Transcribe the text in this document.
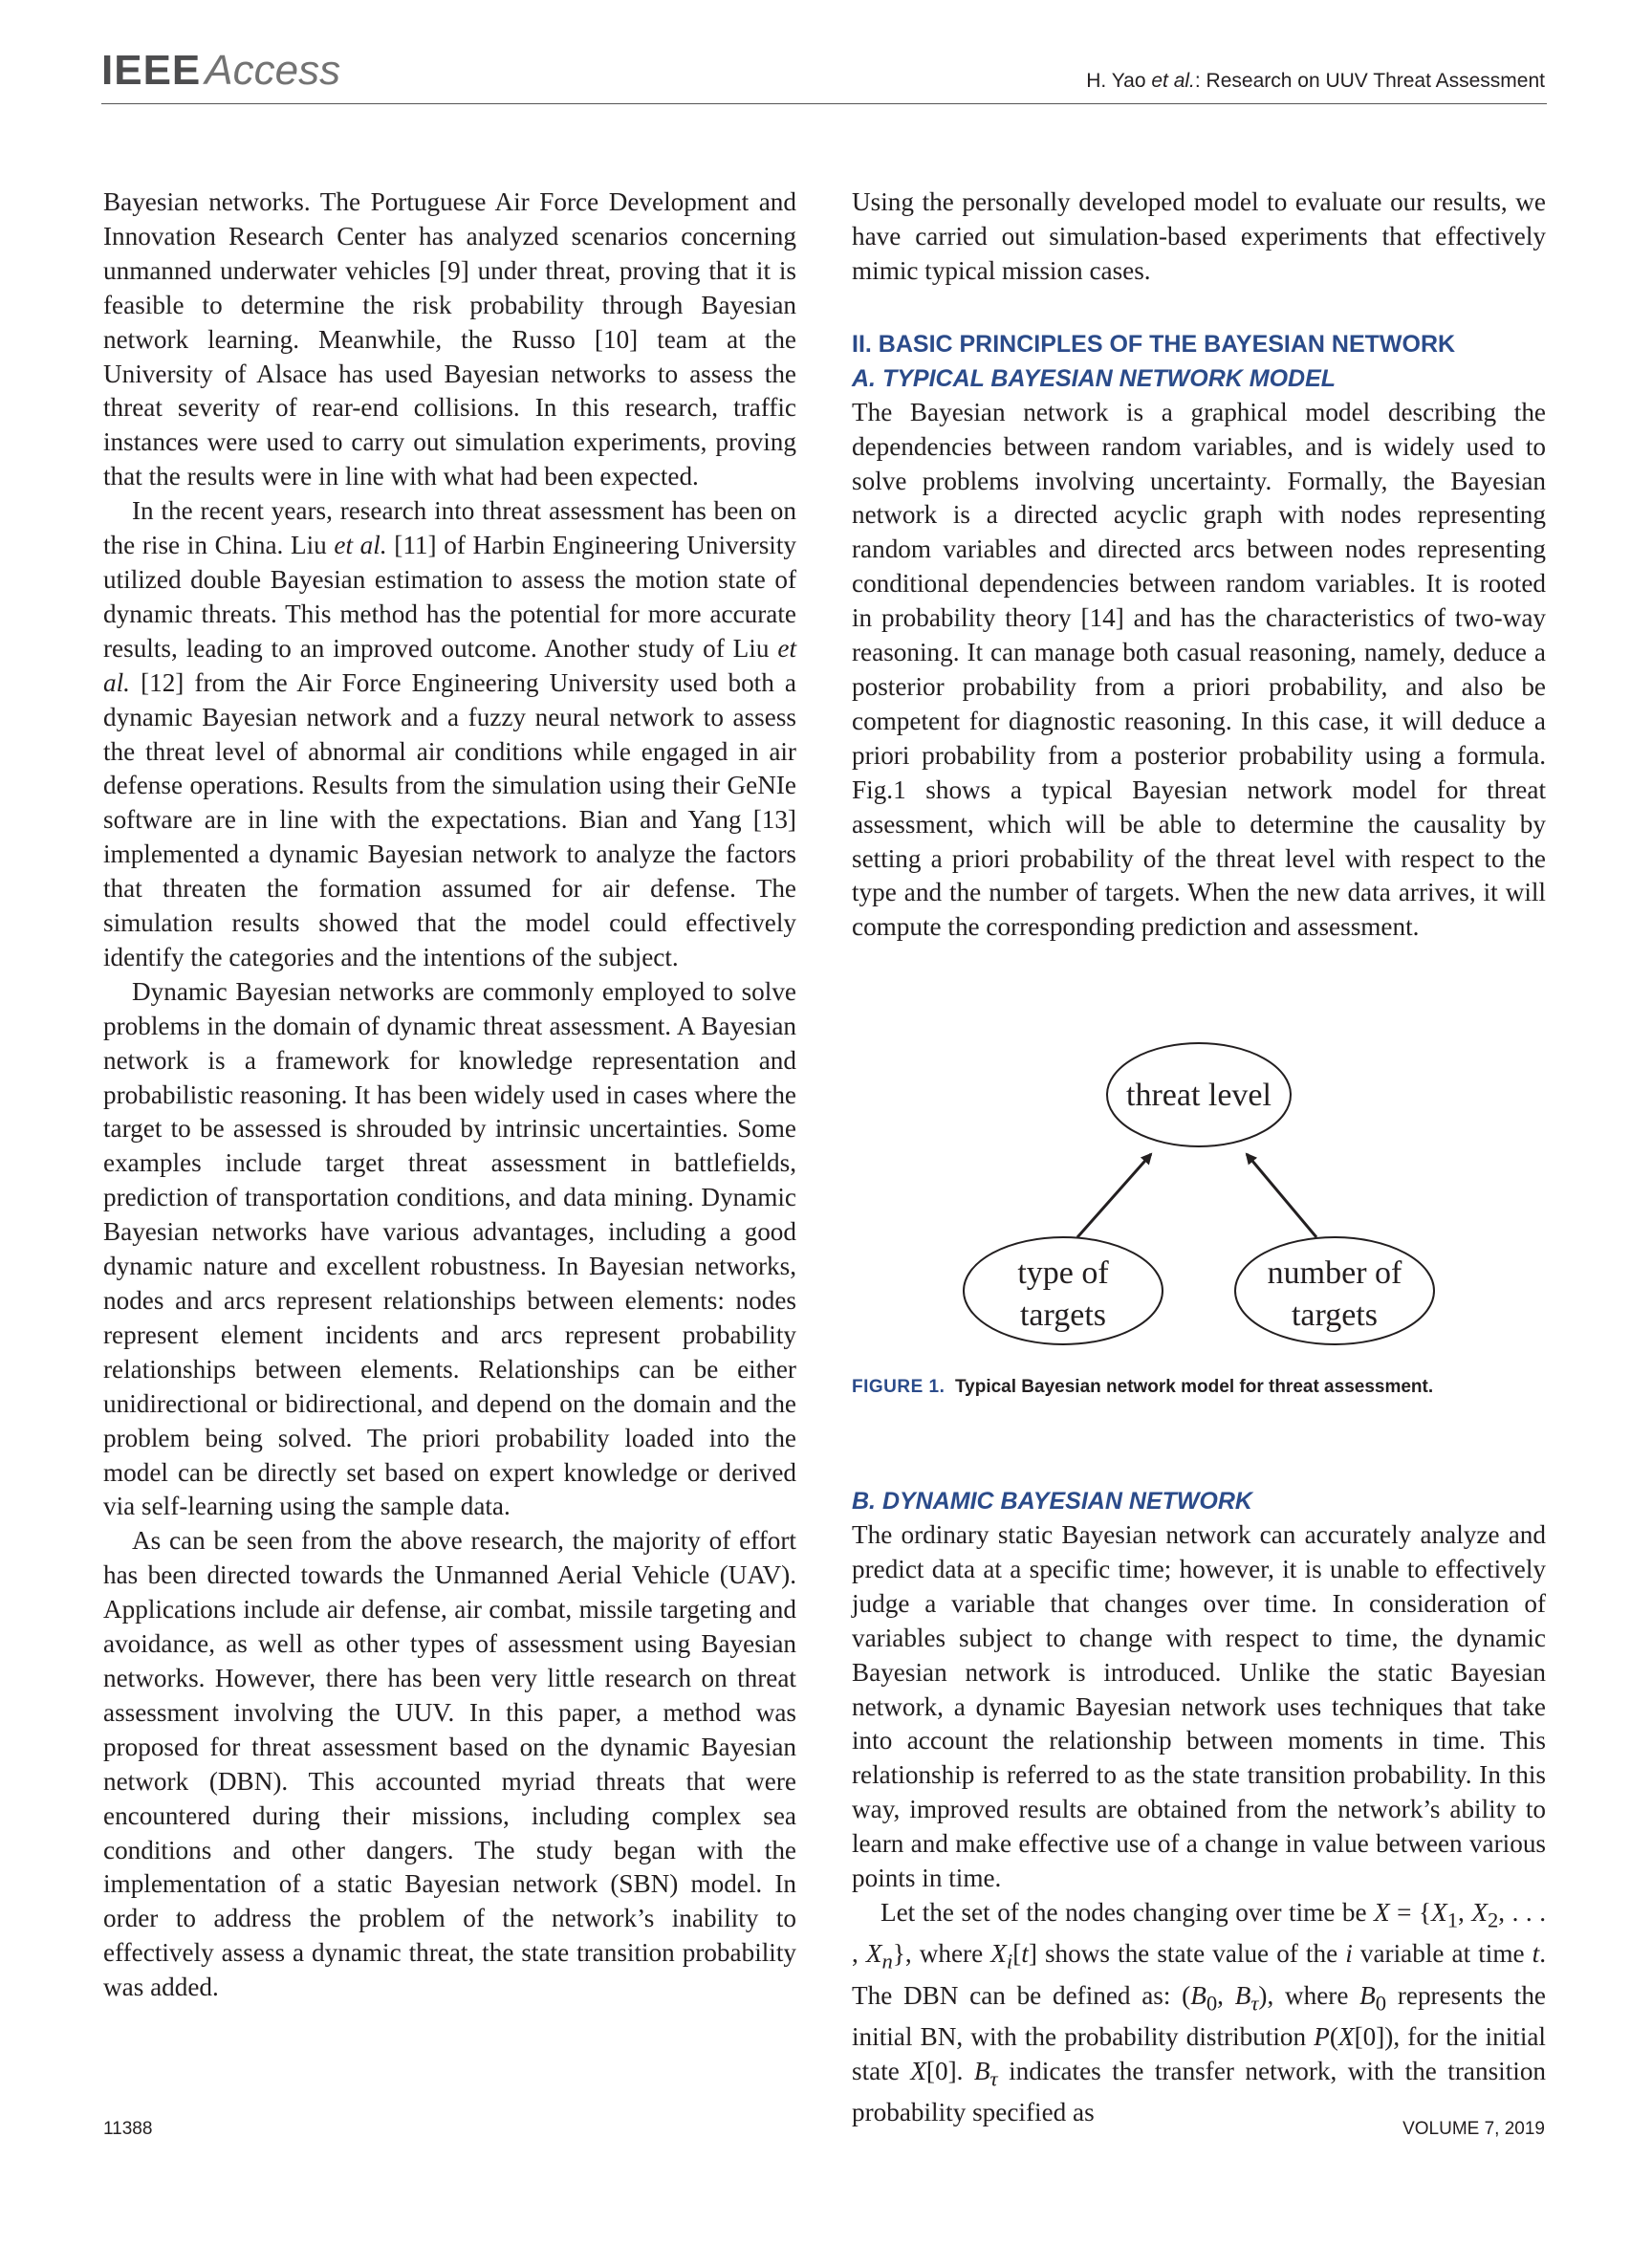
IEEEAccess	H. Yao et al.: Research on UUV Threat Assessment

Bayesian networks. The Portuguese Air Force Development and Innovation Research Center has analyzed scenarios concerning unmanned underwater vehicles [9] under threat, proving that it is feasible to determine the risk probability through Bayesian network learning. Meanwhile, the Russo [10] team at the University of Alsace has used Bayesian networks to assess the threat severity of rear-end collisions. In this research, traffic instances were used to carry out simulation experiments, proving that the results were in line with what had been expected.

In the recent years, research into threat assessment has been on the rise in China. Liu et al. [11] of Harbin Engineering University utilized double Bayesian estimation to assess the motion state of dynamic threats. This method has the potential for more accurate results, leading to an improved outcome. Another study of Liu et al. [12] from the Air Force Engineering University used both a dynamic Bayesian network and a fuzzy neural network to assess the threat level of abnormal air conditions while engaged in air defense operations. Results from the simulation using their GeNIe software are in line with the expectations. Bian and Yang [13] implemented a dynamic Bayesian network to analyze the factors that threaten the formation assumed for air defense. The simulation results showed that the model could effectively identify the categories and the intentions of the subject.

Dynamic Bayesian networks are commonly employed to solve problems in the domain of dynamic threat assessment. A Bayesian network is a framework for knowledge representation and probabilistic reasoning. It has been widely used in cases where the target to be assessed is shrouded by intrinsic uncertainties. Some examples include target threat assessment in battlefields, prediction of transportation conditions, and data mining. Dynamic Bayesian networks have various advantages, including a good dynamic nature and excellent robustness. In Bayesian networks, nodes and arcs represent relationships between elements: nodes represent element incidents and arcs represent probability relationships between elements. Relationships can be either unidirectional or bidirectional, and depend on the domain and the problem being solved. The priori probability loaded into the model can be directly set based on expert knowledge or derived via self-learning using the sample data.

As can be seen from the above research, the majority of effort has been directed towards the Unmanned Aerial Vehicle (UAV). Applications include air defense, air combat, missile targeting and avoidance, as well as other types of assessment using Bayesian networks. However, there has been very little research on threat assessment involving the UUV. In this paper, a method was proposed for threat assessment based on the dynamic Bayesian network (DBN). This accounted myriad threats that were encountered during their missions, including complex sea conditions and other dangers. The study began with the implementation of a static Bayesian network (SBN) model. In order to address the problem of the network’s inability to effectively assess a dynamic threat, the state transition probability was added.

Using the personally developed model to evaluate our results, we have carried out simulation-based experiments that effectively mimic typical mission cases.

II. BASIC PRINCIPLES OF THE BAYESIAN NETWORK
A. TYPICAL BAYESIAN NETWORK MODEL

The Bayesian network is a graphical model describing the dependencies between random variables, and is widely used to solve problems involving uncertainty. Formally, the Bayesian network is a directed acyclic graph with nodes representing random variables and directed arcs between nodes representing conditional dependencies between random variables. It is rooted in probability theory [14] and has the characteristics of two-way reasoning. It can manage both casual reasoning, namely, deduce a posterior probability from a priori probability, and also be competent for diagnostic reasoning. In this case, it will deduce a priori probability from a posterior probability using a formula. Fig.1 shows a typical Bayesian network model for threat assessment, which will be able to determine the causality by setting a priori probability of the threat level with respect to the type and the number of targets. When the new data arrives, it will compute the corresponding prediction and assessment.

threat level
type of
targets
number of
targets
FIGURE 1. Typical Bayesian network model for threat assessment.
B. DYNAMIC BAYESIAN NETWORK

The ordinary static Bayesian network can accurately analyze and predict data at a specific time; however, it is unable to effectively judge a variable that changes over time. In consideration of variables subject to change with respect to time, the dynamic Bayesian network is introduced. Unlike the static Bayesian network, a dynamic Bayesian network uses techniques that take into account the relationship between moments in time. This relationship is referred to as the state transition probability. In this way, improved results are obtained from the network’s ability to learn and make effective use of a change in value between various points in time.

Let the set of the nodes changing over time be $X = \{X_1$, $X_2$, . . . , $X_n$}, where $X_i[t]$ shows the state value of the i variable at time t. The DBN can be defined as: ($B_0$, $B_\tau$), where $B_0$ represents the initial BN, with the probability distribution P(X[0]), for the initial state X[0]. $B_\tau$ indicates the transfer network, with the transition probability specified as

11388	VOLUME 7, 2019
